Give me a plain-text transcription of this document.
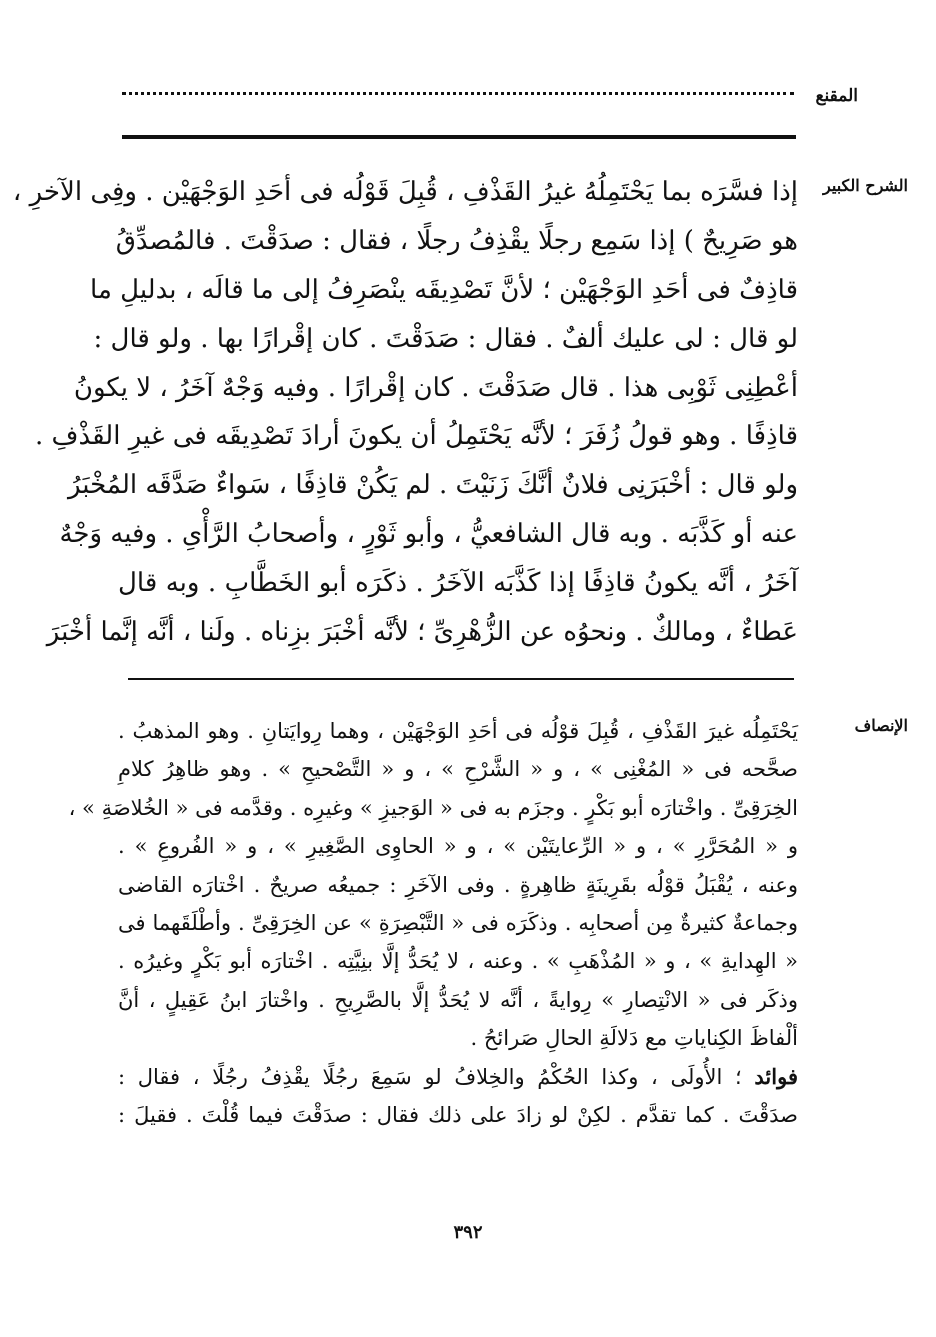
المقنع
الشرح الكبير
إذا فسَّرَه بما يَحْتَمِلُهُ غيرُ القَذْفِ ، قُبِلَ قَوْلُه فى أحَدِ الوَجْهَيْن . وفِى الآخرِ ،
هو صَرِيحٌ ) إذا سَمِع رجلًا يقْذِفُ رجلًا ، فقال : صدَقْتَ . فالمُصدِّقُ
قاذِفٌ فى أحَدِ الوَجْهَيْن ؛ لأنَّ تَصْدِيقَه ينْصَرِفُ إلى ما قالَه ، بدليلِ ما
لو قال : لى عليك ألفٌ . فقال : صَدَقْتَ . كان إقْرارًا بها . ولو قال :
أعْطِنِى ثَوْبِى هذا . قال صَدَقْتَ . كان إقْرارًا . وفيه وَجْهٌ آخَرُ ، لا يكونُ
قاذِفًا . وهو قولُ زُفَرَ ؛ لأنَّه يَحْتَمِلُ أن يكونَ أرادَ تَصْدِيقَه فى غيرِ القَذْفِ .
ولو قال : أخْبَرَنِى فلانٌ أنَّكَ زَنَيْتَ . لم يَكُنْ قاذِفًا ، سَواءٌ صَدَّقَه المُخْبَرُ
عنه أو كَذَّبَه . وبه قال الشافعيُّ ، وأبو ثَوْرٍ ، وأصحابُ الرَّأْىِ . وفيه وَجْهٌ
آخَرُ ، أنَّه يكونُ قاذِفًا إذا كَذَّبَه الآخَرُ . ذكَرَه أبو الخَطَّابِ . وبه قال
عَطاءٌ ، ومالكٌ . ونحوُه عن الزُّهْرِىِّ ؛ لأنَّه أخْبَرَ بزِناه . ولَنا ، أنَّه إنَّما أخْبَرَ
الإنصاف
يَحْتَمِلُه غيرَ القَذْفِ ، قُبِلَ قوْلُه فى أحَدِ الوَجْهَيْن ، وهما رِوايَتانِ . وهو المذهبُ .
صحَّحه فى « المُغْنِى » ، و « الشَّرْحِ » ، و « التَّصْحيحِ » . وهو ظاهِرُ كلامِ
الخِرَقِىِّ . واخْتارَه أبو بَكْرٍ . وجزَم به فى « الوَجيزِ » وغيرِه . وقدَّمه فى « الخُلاصَةِ » ،
و « المُحَرَّرِ » ، و « الرِّعايتَيْن » ، و « الحاوِى الصَّغِيرِ » ، و « الفُروعِ » .
وعنه ، يُقْبَلُ قوْلُه بقَرِينَةٍ ظاهِرةٍ . وفى الآخَرِ : جميعُه صريحٌ . اخْتارَه القاضى
وجماعةٌ كثيرةٌ مِن أصحابِه . وذكَرَه فى « التَّبْصِرَةِ » عن الخِرَقِىِّ . وأطْلَقَهما فى
« الهِدايةِ » ، و « المُذْهَبِ » . وعنه ، لا يُحَدُّ إلَّا بنِيَّتِه . اخْتارَه أبو بَكْرٍ وغيرُه .
وذكَر فى « الانْتِصارِ » رِوايةً ، أنَّه لا يُحَدُّ إلَّا بالصَّرِيحِ . واخْتارَ ابنُ عَقِيلٍ ، أنَّ
ألْفاظَ الكِناياتِ مع دَلالَةِ الحالِ صَرائحُ .
فوائد ؛ الأُولَى ، وكذا الحُكْمُ والخِلافُ لو سَمِعَ رجُلًا يقْذِفُ رجُلًا ، فقال :
صدَقْتَ . كما تقدَّم . لكِنْ لو زادَ على ذلك فقال : صدَقْتَ فيما قُلْتَ . فقيلَ :
٣٩٢
